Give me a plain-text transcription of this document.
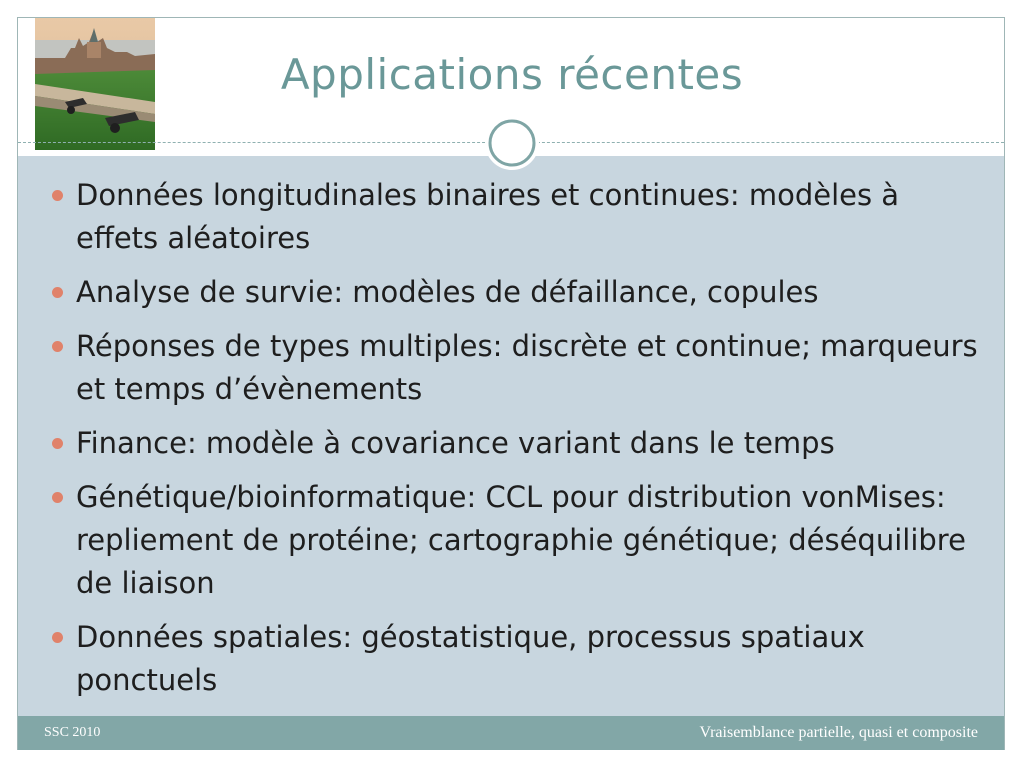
Applications récentes
Données longitudinales binaires et continues: modèles à effets aléatoires
Analyse de survie: modèles de défaillance, copules
Réponses de types multiples: discrète et continue; marqueurs et temps d’évènements
Finance: modèle à covariance variant dans le temps
Génétique/bioinformatique: CCL pour distribution vonMises: repliement de protéine; cartographie génétique; déséquilibre de liaison
Données spatiales: géostatistique, processus spatiaux ponctuels
SSC 2010	Vraisemblance partielle, quasi et composite
